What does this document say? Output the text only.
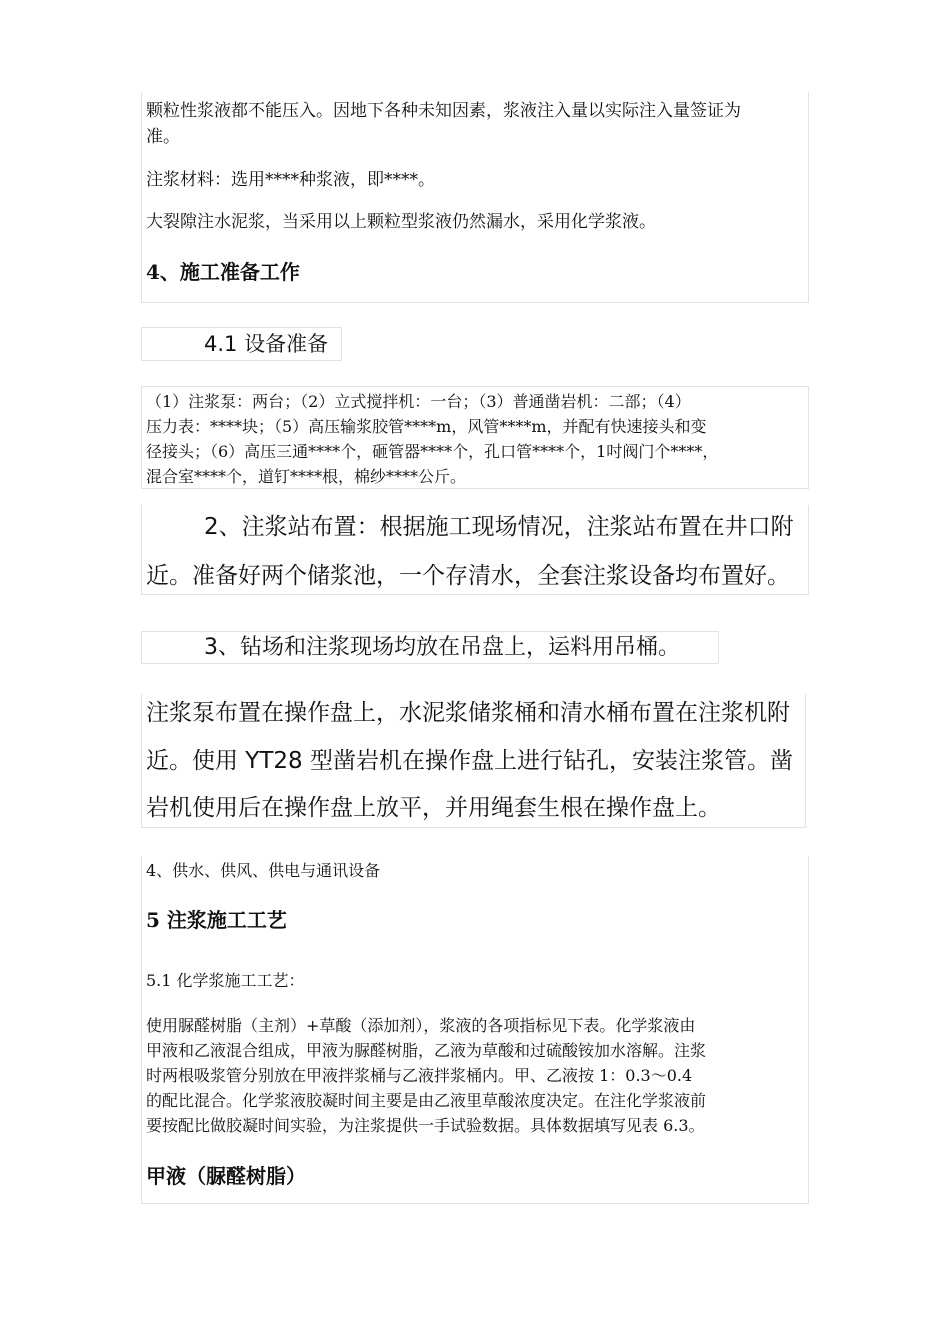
颗粒性浆液都不能压入。因地下各种未知因素，浆液注入量以实际注入量签证为
准。
注浆材料：选用****种浆液，即****。
大裂隙注水泥浆，当采用以上颗粒型浆液仍然漏水，采用化学浆液。
4、施工准备工作
4.1 设备准备
（1）注浆泵：两台；（2）立式搅拌机：一台；（3）普通凿岩机：二部；（4）
压力表：****块；（5）高压输浆胶管****m，风管****m，并配有快速接头和变
径接头；（6）高压三通****个，砸管器****个，孔口管****个，1吋阀门个****，
混合室****个，道钉****根，棉纱****公斤。
2、注浆站布置：根据施工现场情况，注浆站布置在井口附
近。准备好两个储浆池，一个存清水，全套注浆设备均布置好。
3、钻场和注浆现场均放在吊盘上，运料用吊桶。
注浆泵布置在操作盘上，水泥浆储浆桶和清水桶布置在注浆机附
近。使用 YT28 型凿岩机在操作盘上进行钻孔，安装注浆管。凿
岩机使用后在操作盘上放平，并用绳套生根在操作盘上。
4、供水、供风、供电与通讯设备
5 注浆施工工艺
5.1 化学浆施工工艺：
使用脲醛树脂（主剂）+草酸（添加剂），浆液的各项指标见下表。化学浆液由
甲液和乙液混合组成，甲液为脲醛树脂，乙液为草酸和过硫酸铵加水溶解。注浆
时两根吸浆管分别放在甲液拌浆桶与乙液拌浆桶内。甲、乙液按 1：0.3～0.4
的配比混合。化学浆液胶凝时间主要是由乙液里草酸浓度决定。在注化学浆液前
要按配比做胶凝时间实验，为注浆提供一手试验数据。具体数据填写见表 6.3。
甲液（脲醛树脂）
